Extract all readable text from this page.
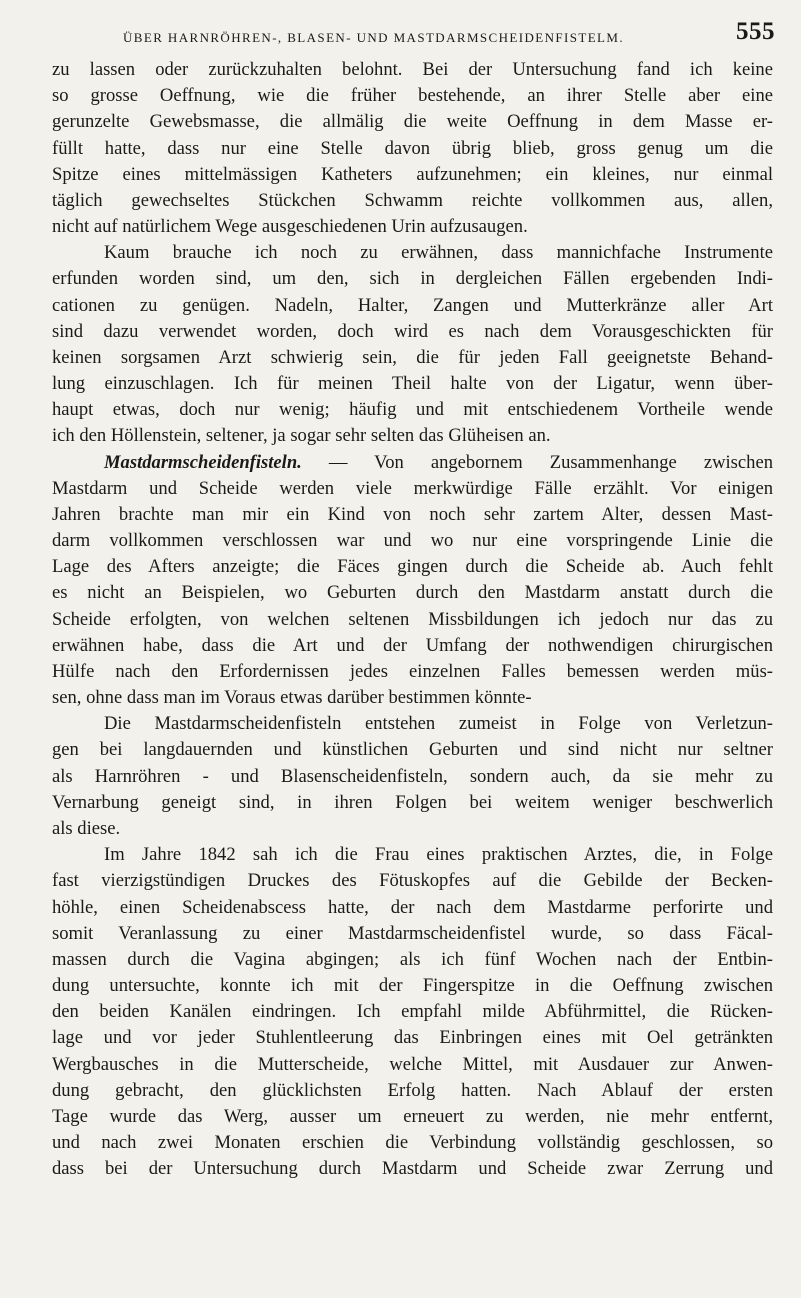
ÜBER HARNRÖHREN-, BLASEN- UND MASTDARMSCHEIDENFISTELM.	555
zu lassen oder zurückzuhalten belohnt. Bei der Untersuchung fand ich keine
so grosse Oeffnung, wie die früher bestehende, an ihrer Stelle aber eine
gerunzelte Gewebsmasse, die allmälig die weite Oeffnung in dem Masse er-
füllt hatte, dass nur eine Stelle davon übrig blieb, gross genug um die
Spitze eines mittelmässigen Katheters aufzunehmen; ein kleines, nur einmal
täglich gewechseltes Stückchen Schwamm reichte vollkommen aus, allen,
nicht auf natürlichem Wege ausgeschiedenen Urin aufzusaugen.
Kaum brauche ich noch zu erwähnen, dass mannichfache Instrumente
erfunden worden sind, um den, sich in dergleichen Fällen ergebenden Indi-
cationen zu genügen. Nadeln, Halter, Zangen und Mutterkränze aller Art
sind dazu verwendet worden, doch wird es nach dem Vorausgeschickten für
keinen sorgsamen Arzt schwierig sein, die für jeden Fall geeignetste Behand-
lung einzuschlagen. Ich für meinen Theil halte von der Ligatur, wenn über-
haupt etwas, doch nur wenig; häufig und mit entschiedenem Vortheile wende
ich den Höllenstein, seltener, ja sogar sehr selten das Glüheisen an.
Mastdarmscheidenfisteln. — Von angebornem Zusammenhange zwischen
Mastdarm und Scheide werden viele merkwürdige Fälle erzählt. Vor einigen
Jahren brachte man mir ein Kind von noch sehr zartem Alter, dessen Mast-
darm vollkommen verschlossen war und wo nur eine vorspringende Linie die
Lage des Afters anzeigte; die Fäces gingen durch die Scheide ab. Auch fehlt
es nicht an Beispielen, wo Geburten durch den Mastdarm anstatt durch die
Scheide erfolgten, von welchen seltenen Missbildungen ich jedoch nur das zu
erwähnen habe, dass die Art und der Umfang der nothwendigen chirurgischen
Hülfe nach den Erfordernissen jedes einzelnen Falles bemessen werden müs-
sen, ohne dass man im Voraus etwas darüber bestimmen könnte-
Die Mastdarmscheidenfisteln entstehen zumeist in Folge von Verletzun-
gen bei langdauernden und künstlichen Geburten und sind nicht nur seltner
als Harnröhren - und Blasenscheidenfisteln, sondern auch, da sie mehr zu
Vernarbung geneigt sind, in ihren Folgen bei weitem weniger beschwerlich
als diese.
Im Jahre 1842 sah ich die Frau eines praktischen Arztes, die, in Folge
fast vierzigstündigen Druckes des Fötuskopfes auf die Gebilde der Becken-
höhle, einen Scheidenabscess hatte, der nach dem Mastdarme perforirte und
somit Veranlassung zu einer Mastdarmscheidenfistel wurde, so dass Fäcal-
massen durch die Vagina abgingen; als ich fünf Wochen nach der Entbin-
dung untersuchte, konnte ich mit der Fingerspitze in die Oeffnung zwischen
den beiden Kanälen eindringen. Ich empfahl milde Abführmittel, die Rücken-
lage und vor jeder Stuhlentleerung das Einbringen eines mit Oel getränkten
Wergbausches in die Mutterscheide, welche Mittel, mit Ausdauer zur Anwen-
dung gebracht, den glücklichsten Erfolg hatten. Nach Ablauf der ersten
Tage wurde das Werg, ausser um erneuert zu werden, nie mehr entfernt,
und nach zwei Monaten erschien die Verbindung vollständig geschlossen, so
dass bei der Untersuchung durch Mastdarm und Scheide zwar Zerrung und
